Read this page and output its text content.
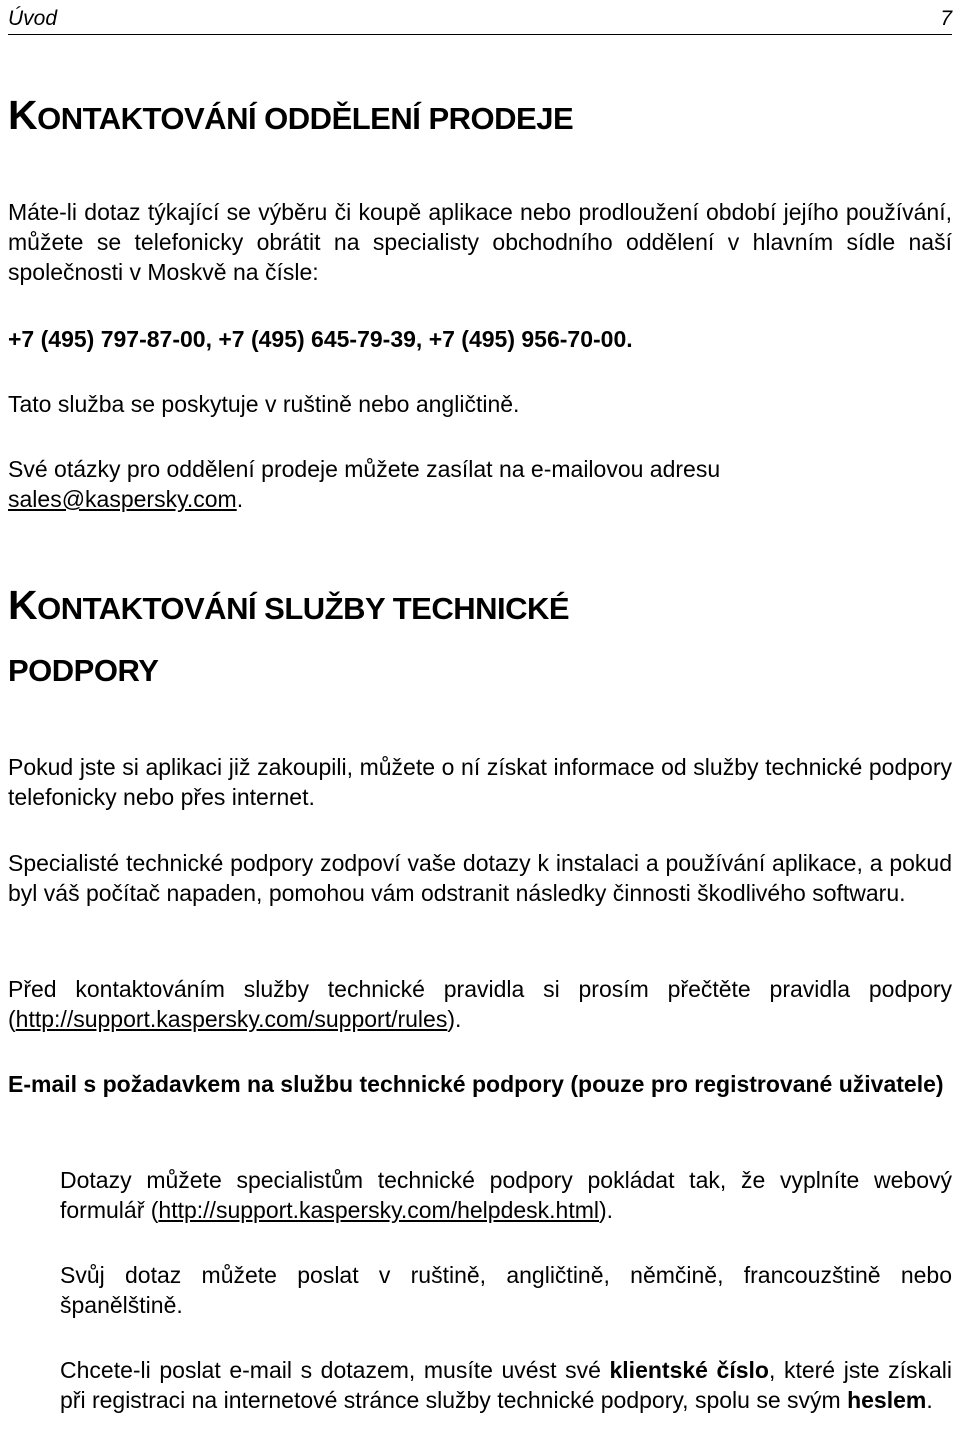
Úvod	7
KONTAKTOVÁNÍ ODDĚLENÍ PRODEJE

Máte-li dotaz týkající se výběru či koupě aplikace nebo prodloužení období jejího používání, můžete se telefonicky obrátit na specialisty obchodního oddělení v hlavním sídle naší společnosti v Moskvě na čísle:

+7 (495) 797-87-00, +7 (495) 645-79-39, +7 (495) 956-70-00.

Tato služba se poskytuje v ruštině nebo angličtině.

Své otázky pro oddělení prodeje můžete zasílat na e-mailovou adresu sales@kaspersky.com.

KONTAKTOVÁNÍ SLUŽBY TECHNICKÉ
PODPORY

Pokud jste si aplikaci již zakoupili, můžete o ní získat informace od služby technické podpory telefonicky nebo přes internet.

Specialisté technické podpory zodpoví vaše dotazy k instalaci a používání aplikace, a pokud byl váš počítač napaden, pomohou vám odstranit následky činnosti škodlivého softwaru.

Před kontaktováním služby technické pravidla si prosím přečtěte pravidla podpory (http://support.kaspersky.com/support/rules).

E-mail s požadavkem na službu technické podpory (pouze pro registrované uživatele)

Dotazy můžete specialistům technické podpory pokládat tak, že vyplníte webový formulář (http://support.kaspersky.com/helpdesk.html).

Svůj dotaz můžete poslat v ruštině, angličtině, němčině, francouzštině nebo španělštině.

Chcete-li poslat e-mail s dotazem, musíte uvést své klientské číslo, které jste získali při registraci na internetové stránce služby technické podpory, spolu se svým heslem.
